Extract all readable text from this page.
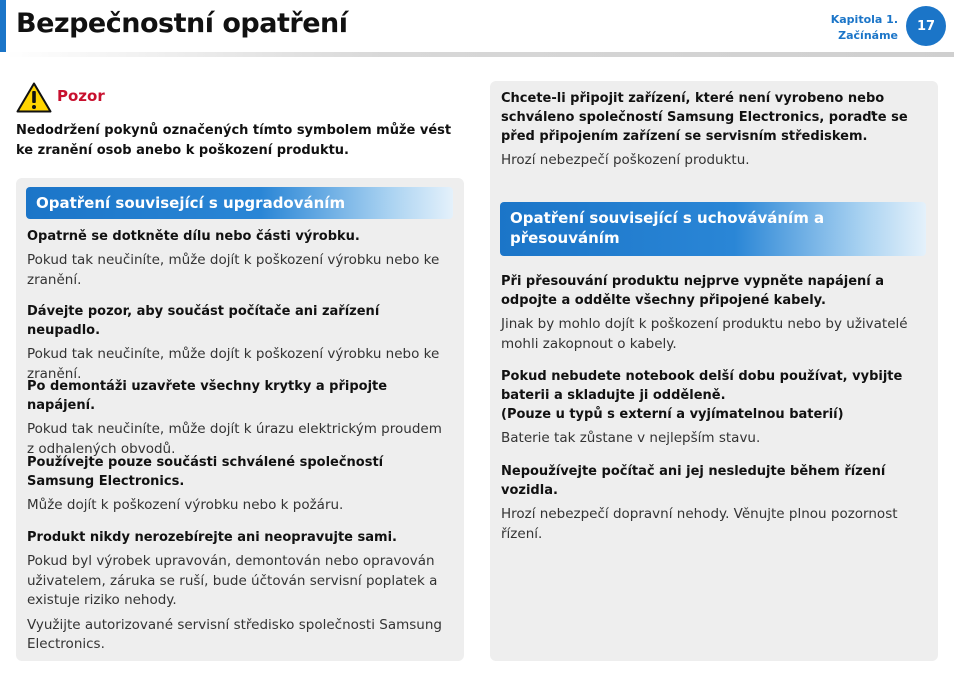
Bezpečnostní opatření	Kapitola 1.
Začínáme
17
Pozor
Nedodržení pokynů označených tímto symbolem může vést ke zranění osob anebo k poškození produktu.
Opatření související s upgradováním
Opatrně se dotkněte dílu nebo části výrobku.
Pokud tak neučiníte, může dojít k poškození výrobku nebo ke zranění.
Dávejte pozor, aby součást počítače ani zařízení neupadlo.
Pokud tak neučiníte, může dojít k poškození výrobku nebo ke zranění.
Po demontáži uzavřete všechny krytky a připojte napájení.
Pokud tak neučiníte, může dojít k úrazu elektrickým proudem z odhalených obvodů.
Používejte pouze součásti schválené společností Samsung Electronics.
Může dojít k poškození výrobku nebo k požáru.
Produkt nikdy nerozebírejte ani neopravujte sami.
Pokud byl výrobek upravován, demontován nebo opravován uživatelem, záruka se ruší, bude účtován servisní poplatek a existuje riziko nehody.
Využijte autorizované servisní středisko společnosti Samsung Electronics.
Chcete-li připojit zařízení, které není vyrobeno nebo schváleno společností Samsung Electronics, poraďte se před připojením zařízení se servisním střediskem.
Hrozí nebezpečí poškození produktu.
Opatření související s uchováváním a přesouváním
Při přesouvání produktu nejprve vypněte napájení a odpojte a oddělte všechny připojené kabely.
Jinak by mohlo dojít k poškození produktu nebo by uživatelé mohli zakopnout o kabely.
Pokud nebudete notebook delší dobu používat, vybijte baterii a skladujte ji odděleně.
(Pouze u typů s externí a vyjímatelnou baterií)
Baterie tak zůstane v nejlepším stavu.
Nepoužívejte počítač ani jej nesledujte během řízení vozidla.
Hrozí nebezpečí dopravní nehody. Věnujte plnou pozornost řízení.
